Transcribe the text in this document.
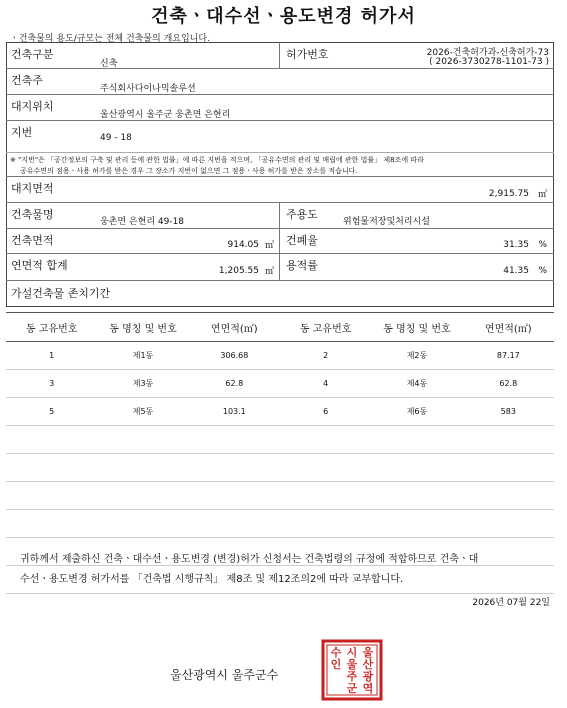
건축ㆍ대수선ㆍ용도변경 허가서
ㆍ건축물의 용도/규모는 전체 건축물의 개요입니다.
건축구분
신축
허가번호	2026-건축허가과-신축허가-73
( 2026-3730278-1101-73 )
건축주
주식회사다이나믹솔루션
대지위치
울산광역시 울주군 웅촌면 은현리
지번	49 - 18
※ "지번"은 「공간정보의 구축 및 관리 등에 관한 법률」에 따른 지번을 적으며, 「공유수면의 관리 및 매립에 관한 법률」 제8조에 따라
공유수면의 점용ㆍ사용 허가를 받은 경우 그 장소가 지번이 없으면 그 점용ㆍ사용 허가를 받은 장소를 적습니다.
대지면적	2,915.75 ㎡
건축물명
웅촌면 은현리 49-18
주용도
위험물저장및처리시설
건축면적	914.05 ㎡ 건폐율	31.35 %
연면적 합계	1,205.55 ㎡ 용적률	41.35 %
가설건축물 존치기간
동 고유번호	동 명칭 및 번호	연면적(㎡)	동 고유번호	동 명칭 및 번호	연면적(㎡)
1	제1동	306.68	2	제2동	87.17
3	제3동	62.8	4	제4동	62.8
5	제5동	103.1	6	제6동	583

귀하께서 제출하신 건축ㆍ대수선ㆍ용도변경 (변경)허가 신청서는 건축법령의 규정에 적합하므로 건축ㆍ대
수선ㆍ용도변경 허가서를 「건축법 시행규칙」 제8조 및 제12조의2에 따라 교부합니다.
2026년 07월 22일
울산광역시 울주군수
울
산
광
역
시
울
주
군
수
인
